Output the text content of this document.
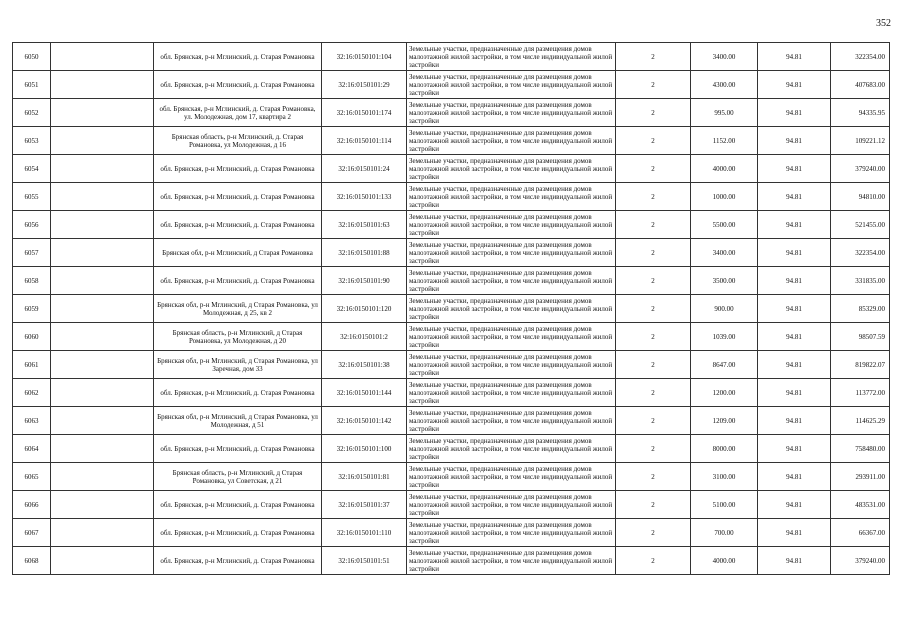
352
6050		обл. Брянская, р-н Мглинский, д. Старая Романовка	32:16:0150101:104	Земельные участки, предназначенные для размещения домов малоэтажной жилой застройки, в том числе индивидуальной жилой застройки	2	3400.00	94.81	322354.00
6051		обл. Брянская, р-н Мглинский, д. Старая Романовка	32:16:0150101:29	Земельные участки, предназначенные для размещения домов малоэтажной жилой застройки, в том числе индивидуальной жилой застройки	2	4300.00	94.81	407683.00
6052		обл. Брянская, р-н Мглинский, д. Старая Романовка, ул. Молодежная, дом 17, квартира 2	32:16:0150101:174	Земельные участки, предназначенные для размещения домов малоэтажной жилой застройки, в том числе индивидуальной жилой застройки	2	995.00	94.81	94335.95
6053		Брянская область, р-н Мглинский, д. Старая Романовка, ул Молодежная, д 16	32:16:0150101:114	Земельные участки, предназначенные для размещения домов малоэтажной жилой застройки, в том числе индивидуальной жилой застройки	2	1152.00	94.81	109221.12
6054		обл. Брянская, р-н Мглинский, д. Старая Романовка	32:16:0150101:24	Земельные участки, предназначенные для размещения домов малоэтажной жилой застройки, в том числе индивидуальной жилой застройки	2	4000.00	94.81	379240.00
6055		обл. Брянская, р-н Мглинский, д. Старая Романовка	32:16:0150101:133	Земельные участки, предназначенные для размещения домов малоэтажной жилой застройки, в том числе индивидуальной жилой застройки	2	1000.00	94.81	94810.00
6056		обл. Брянская, р-н Мглинский, д. Старая Романовка	32:16:0150101:63	Земельные участки, предназначенные для размещения домов малоэтажной жилой застройки, в том числе индивидуальной жилой застройки	2	5500.00	94.81	521455.00
6057		Брянская обл, р-н Мглинский, д Старая Романовка	32:16:0150101:88	Земельные участки, предназначенные для размещения домов малоэтажной жилой застройки, в том числе индивидуальной жилой застройки	2	3400.00	94.81	322354.00
6058		обл. Брянская, р-н Мглинский, д. Старая Романовка	32:16:0150101:90	Земельные участки, предназначенные для размещения домов малоэтажной жилой застройки, в том числе индивидуальной жилой застройки	2	3500.00	94.81	331835.00
6059		Брянская обл, р-н Мглинский, д Старая Романовка, ул Молодежная, д 25, кв 2	32:16:0150101:120	Земельные участки, предназначенные для размещения домов малоэтажной жилой застройки, в том числе индивидуальной жилой застройки	2	900.00	94.81	85329.00
6060		Брянская область, р-н Мглинский, д Старая Романовка, ул Молодежная, д 20	32:16:0150101:2	Земельные участки, предназначенные для размещения домов малоэтажной жилой застройки, в том числе индивидуальной жилой застройки	2	1039.00	94.81	98507.59
6061		Брянская обл, р-н Мглинский, д Старая Романовка, ул Заречная, дом 33	32:16:0150101:38	Земельные участки, предназначенные для размещения домов малоэтажной жилой застройки, в том числе индивидуальной жилой застройки	2	8647.00	94.81	819822.07
6062		обл. Брянская, р-н Мглинский, д. Старая Романовка	32:16:0150101:144	Земельные участки, предназначенные для размещения домов малоэтажной жилой застройки, в том числе индивидуальной жилой застройки	2	1200.00	94.81	113772.00
6063		Брянская обл, р-н Мглинский, д Старая Романовка, ул Молодежная, д 51	32:16:0150101:142	Земельные участки, предназначенные для размещения домов малоэтажной жилой застройки, в том числе индивидуальной жилой застройки	2	1209.00	94.81	114625.29
6064		обл. Брянская, р-н Мглинский, д. Старая Романовка	32:16:0150101:100	Земельные участки, предназначенные для размещения домов малоэтажной жилой застройки, в том числе индивидуальной жилой застройки	2	8000.00	94.81	758480.00
6065		Брянская область, р-н Мглинский, д Старая Романовка, ул Советская, д 21	32:16:0150101:81	Земельные участки, предназначенные для размещения домов малоэтажной жилой застройки, в том числе индивидуальной жилой застройки	2	3100.00	94.81	293911.00
6066		обл. Брянская, р-н Мглинский, д. Старая Романовка	32:16:0150101:37	Земельные участки, предназначенные для размещения домов малоэтажной жилой застройки, в том числе индивидуальной жилой застройки	2	5100.00	94.81	483531.00
6067		обл. Брянская, р-н Мглинский, д. Старая Романовка	32:16:0150101:110	Земельные участки, предназначенные для размещения домов малоэтажной жилой застройки, в том числе индивидуальной жилой застройки	2	700.00	94.81	66367.00
6068		обл. Брянская, р-н Мглинский, д. Старая Романовка	32:16:0150101:51	Земельные участки, предназначенные для размещения домов малоэтажной жилой застройки, в том числе индивидуальной жилой застройки	2	4000.00	94.81	379240.00
